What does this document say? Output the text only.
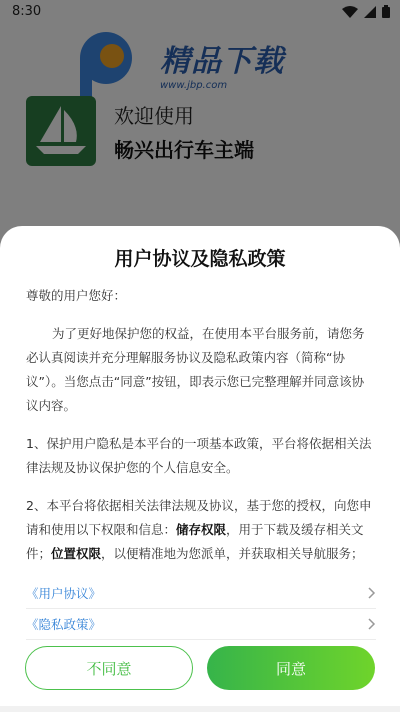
用户协议及隐私政策

尊敬的用户您好：

为了更好地保护您的权益，在使用本平台服务前，请您务必认真阅读并充分理解服务协议及隐私政策内容（简称“协议”）。当您点击“同意”按钮，即表示您已完整理解并同意该协议内容。

1、保护用户隐私是本平台的一项基本政策，平台将依据相关法律法规及协议保护您的个人信息安全。

2、本平台将依据相关法律法规及协议，基于您的授权，向您申请和使用以下权限和信息：储存权限，用于下载及缓存相关文件；位置权限，以便精准地为您派单，并获取相关导航服务；

《用户协议》
《隐私政策》
不同意	同意
